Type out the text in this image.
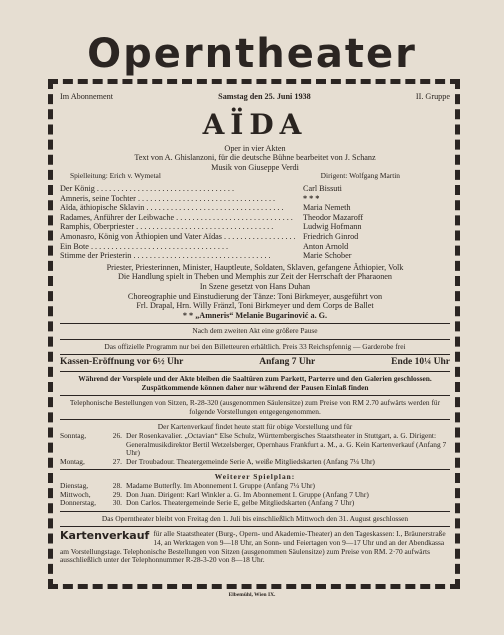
Operntheater
Im Abonnement	Samstag den 25. Juni 1938	II. Gruppe
AÏDA
Oper in vier Akten
Text von A. Ghislanzoni, für die deutsche Bühne bearbeitet von J. Schanz
Musik von Giuseppe Verdi
Spielleitung: Erich v. Wymetal	Dirigent: Wolfgang Martin
Der König . . .	Carl Bissuti
Amneris, seine Tochter . . .	* * *
Aïda, äthiopische Sklavin . . .	Maria Nemeth
Radames, Anführer der Leibwache . . .	Theodor Mazaroff
Ramphis, Oberpriester . . .	Ludwig Hofmann
Amonasro, König von Äthiopien und Vater Aïdas . . .	Friedrich Ginrod
Ein Bote . . .	Anton Arnold
Stimme der Priesterin . . .	Marie Schober
Priester, Priesterinnen, Minister, Hauptleute, Soldaten, Sklaven, gefangene Äthiopier, Volk
Die Handlung spielt in Theben und Memphis zur Zeit der Herrschaft der Pharaonen
In Szene gesetzt von Hans Duhan
Choreographie und Einstudierung der Tänze: Toni Birkmeyer, ausgeführt von
Frl. Drapal, Hrn. Willy Fränzl, Toni Birkmeyer und dem Corps de Ballet
* * „Amneris“ Melanie Bugarinović a. G.
Nach dem zweiten Akt eine größere Pause
Das offizielle Programm nur bei den Billetteuren erhältlich. Preis 33 Reichspfennig — Garderobe frei
Kassen-Eröffnung vor 6½ Uhr	Anfang 7 Uhr	Ende 10¼ Uhr
Während der Vorspiele und der Akte bleiben die Saaltüren zum Parkett, Parterre und den Galerien geschlossen. Zuspätkommende können daher nur während der Pausen Einlaß finden
Telephonische Bestellungen von Sitzen, R-28-320 (ausgenommen Säulensitze) zum Preise von RM 2.70 aufwärts werden für folgende Vorstellungen entgegengenommen.
Der Kartenverkauf findet heute statt für obige Vorstellung und für
Sonntag,	26. Der Rosenkavalier. „Octavian“ Else Schulz, Württembergisches Staatstheater in Stuttgart, a. G. Dirigent: Generalmusikdirektor Bertil Wetzelsberger, Opernhaus Frankfurt a. M., a. G. Kein Kartenverkauf (Anfang 7 Uhr)
Montag,	27. Der Troubadour. Theatergemeinde Serie A, weiße Mitgliedskarten (Anfang 7¼ Uhr)
Weiterer Spielplan:
Dienstag,	28. Madame Butterfly. Im Abonnement I. Gruppe (Anfang 7¼ Uhr)
Mittwoch,	29. Don Juan. Dirigent: Karl Winkler a. G. Im Abonnement I. Gruppe (Anfang 7 Uhr)
Donnerstag,	30. Don Carlos. Theatergemeinde Serie E, gelbe Mitgliedskarten (Anfang 7 Uhr)
Das Operntheater bleibt von Freitag den 1. Juli bis einschließlich Mittwoch den 31. August geschlossen
Kartenverkauf für alle Staatstheater (Burg-, Opern- und Akademie-Theater) an den Tageskassen: I., Bräunerstraße 14, an Werktagen von 9—18 Uhr, an Sonn- und Feiertagen von 9—17 Uhr und an der Abendkassa am Vorstellungstage. Telephonische Bestellungen von Sitzen (ausgenommen Säulensitze) zum Preise von RM. 2·70 aufwärts ausschließlich unter der Telephonnummer R-28-3-20 von 8—18 Uhr.
Elbemühl, Wien IX.
